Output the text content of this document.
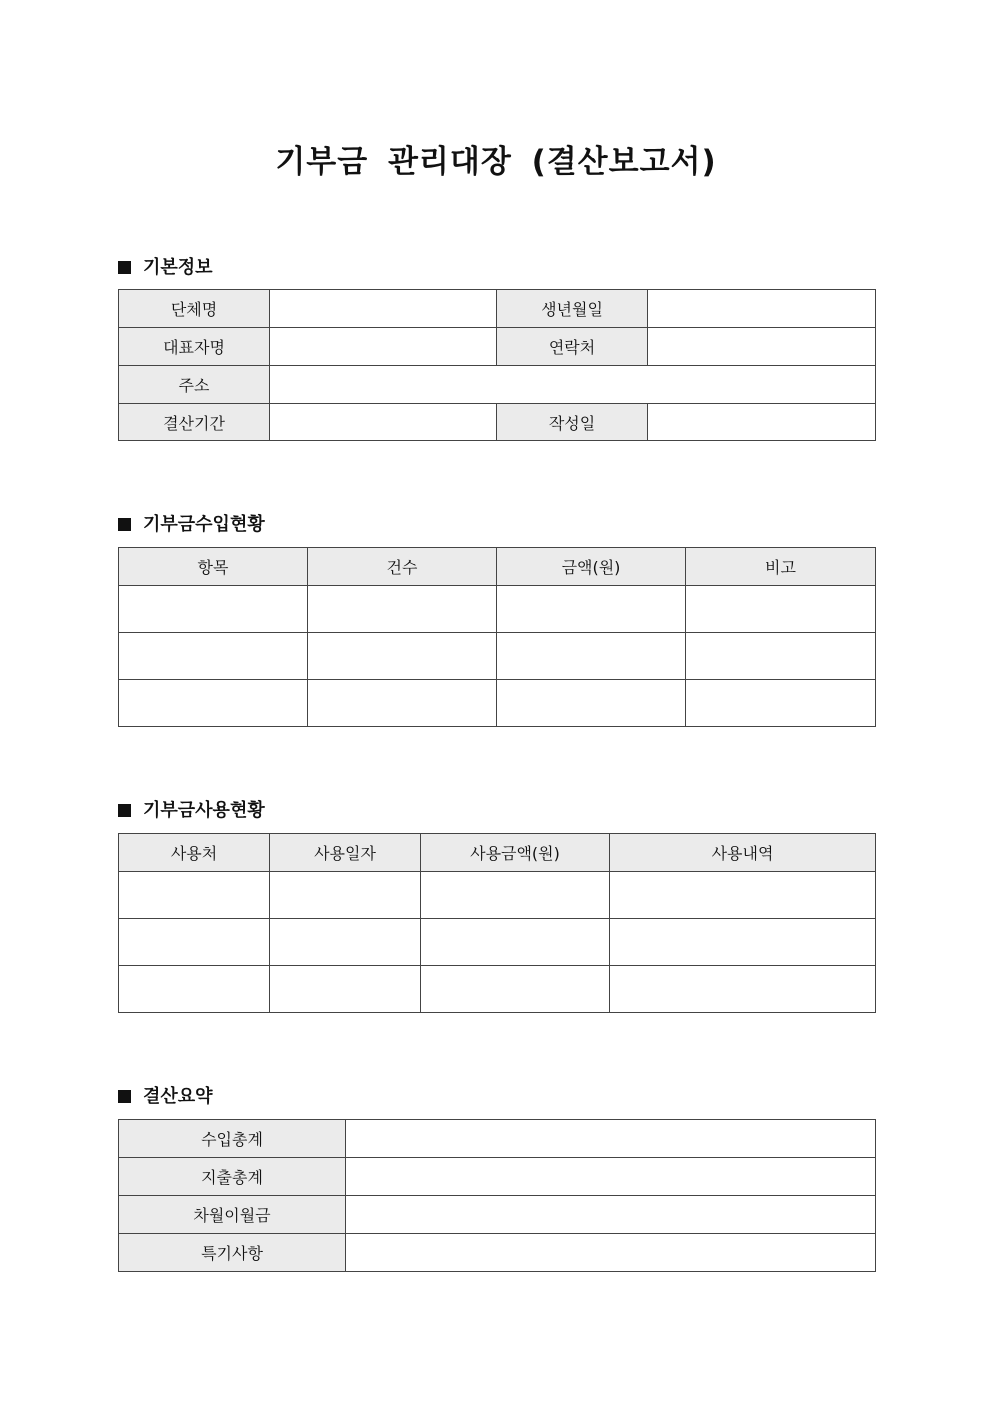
기부금 관리대장 (결산보고서)
기본정보
단체명		생년월일	
대표자명		연락처	
주소			
결산기간		작성일	
기부금수입현황
항목	건수	금액(원)	비고

기부금사용현황
사용처	사용일자	사용금액(원)	사용내역

결산요약
수입총계	
지출총계	
차월이월금	
특기사항	
